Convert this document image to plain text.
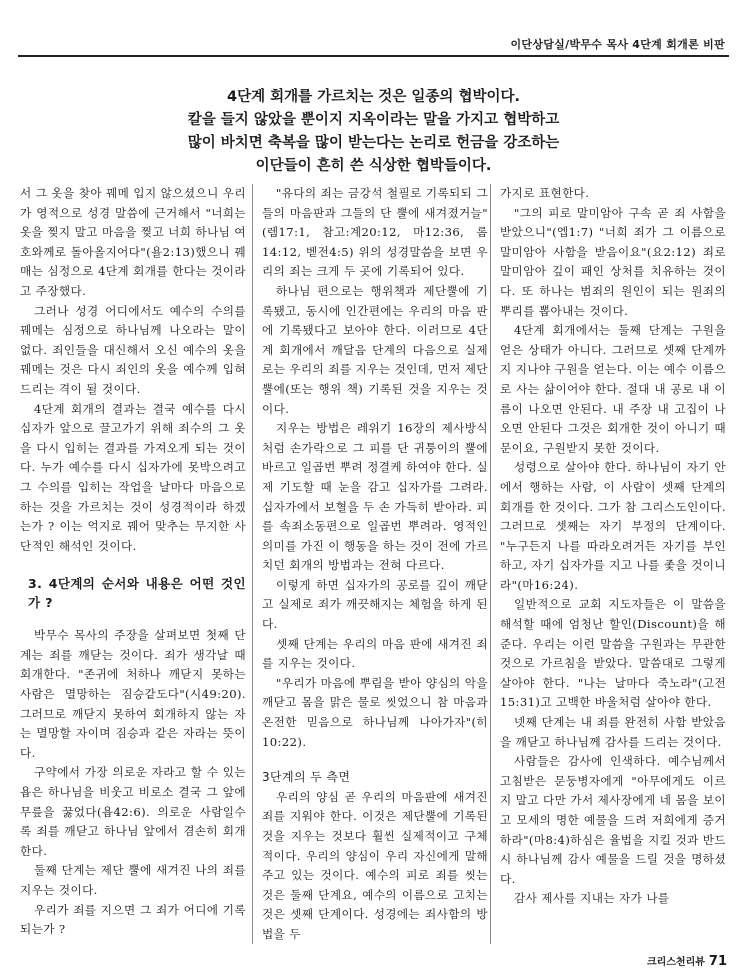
이단상담실/박무수 목사 4단계 회개론 비판
4단계 회개를 가르치는 것은 일종의 협박이다.
칼을 들지 않았을 뿐이지 지옥이라는 말을 가지고 협박하고
많이 바치면 축복을 많이 받는다는 논리로 헌금을 강조하는
이단들이 흔히 쓴 식상한 협박들이다.

서 그 옷을 찾아 꿰메 입지 않으셨으니 우리가 영적으로 성경 말씀에 근거해서 "너희는 옷을 찢지 말고 마음을 찢고 너희 하나님 여호와께로 돌아올지어다"(욜2:13)했으니 꿰매는 심정으로 4단계 회개를 한다는 것이라고 주장했다.

그러나 성경 어디에서도 예수의 수의를 꿰메는 심정으로 하나님께 나오라는 말이 없다. 죄인들을 대신해서 오신 예수의 옷을 꿰메는 것은 다시 죄인의 옷을 예수께 입혀드리는 격이 될 것이다.

4단계 회개의 결과는 결국 예수를 다시 십자가 앞으로 끌고가기 위해 죄수의 그 옷을 다시 입히는 결과를 가져오게 되는 것이다. 누가 예수를 다시 십자가에 못박으려고 그 수의를 입히는 작업을 날마다 마음으로 하는 것을 가르치는 것이 성경적이라 하겠는가 ? 이는 억지로 꿰어 맞추는 무지한 사단적인 해석인 것이다.

3. 4단계의 순서와 내용은 어떤 것인가 ?

박무수 목사의 주장을 살펴보면 첫째 단계는 죄를 깨닫는 것이다. 죄가 생각날 때 회개한다. "존귀에 처하나 깨닫지 못하는 사람은 멸망하는 짐승같도다"(시49:20). 그러므로 깨닫지 못하여 회개하지 않는 자는 멸망할 자이며 짐승과 같은 자라는 뜻이다.

구약에서 가장 의로운 자라고 할 수 있는 욥은 하나님을 비웃고 비로소 결국 그 앞에 무릎을 꿇었다(욥42:6). 의로운 사람일수록 죄를 깨닫고 하나님 앞에서 겸손히 회개한다.

둘째 단계는 제단 뿔에 새겨진 나의 죄를 지우는 것이다.

우리가 죄를 지으면 그 죄가 어디에 기록되는가 ?

"유다의 죄는 금강석 철필로 기록되되 그들의 마음판과 그들의 단 뿔에 새겨졌거늘"(렘17:1, 참고:계20:12, 마12:36, 롬14:12, 벧전4:5) 위의 성경말씀을 보면 우리의 죄는 크게 두 곳에 기록되어 있다.

하나님 편으로는 행위책과 제단뿔에 기록됐고, 동시에 인간편에는 우리의 마음 판에 기록됐다고 보아야 한다. 이러므로 4단계 회개에서 깨달음 단계의 다음으로 실제로는 우리의 죄를 지우는 것인데, 먼저 제단뿔에(또는 행위 책) 기록된 것을 지우는 것이다.

지우는 방법은 레위기 16장의 제사방식처럼 손가락으로 그 피를 단 귀퉁이의 뿔에 바르고 일곱번 뿌려 정결케 하여야 한다. 실제 기도할 때 눈을 감고 십자가를 그려라. 십자가에서 보혈을 두 손 가득히 받아라. 피를 속죄소동편으로 일곱번 뿌려라. 영적인 의미를 가진 이 행동을 하는 것이 전에 가르치던 회개의 방법과는 전혀 다르다.

이렇게 하면 십자가의 공로를 깊이 깨닫고 실제로 죄가 깨끗해지는 체험을 하게 된다.

셋째 단계는 우리의 마음 판에 새겨진 죄를 지우는 것이다.

"우리가 마음에 뿌림을 받아 양심의 악을 깨닫고 몸을 맑은 물로 씻었으니 참 마음과 온전한 믿음으로 하나님께 나아가자"(히10:22).

3단계의 두 측면

우리의 양심 곧 우리의 마음판에 새겨진 죄를 지워야 한다. 이것은 제단뿔에 기록된 것을 지우는 것보다 훨씬 실제적이고 구체적이다. 우리의 양심이 우리 자신에게 말해주고 있는 것이다. 예수의 피로 죄를 씻는 것은 둘째 단계요, 예수의 이름으로 고치는 것은 셋째 단계이다. 성경에는 죄사함의 방법을 두

가지로 표현한다.

"그의 피로 말미암아 구속 곧 죄 사함을 받았으니"(엡1:7) "너희 죄가 그 이름으로 말미암아 사함을 받음이요"(요2:12) 죄로 말미암아 깊이 패인 상처를 치유하는 것이다. 또 하나는 범죄의 원인이 되는 원죄의 뿌리를 뽑아내는 것이다.

4단계 회개에서는 둘째 단계는 구원을 얻은 상태가 아니다. 그러므로 셋째 단계까지 지나야 구원을 얻는다. 이는 예수 이름으로 사는 삶이어야 한다. 절대 내 공로 내 이름이 나오면 안된다. 내 주장 내 고집이 나오면 안된다 그것은 회개한 것이 아니기 때문이요, 구원받지 못한 것이다.

성령으로 살아야 한다. 하나님이 자기 안에서 행하는 사람, 이 사람이 셋째 단계의 회개를 한 것이다. 그가 참 그리스도인이다. 그러므로 셋째는 자기 부정의 단계이다. "누구든지 나를 따라오려거든 자기를 부인하고, 자기 십자가를 지고 나를 좇을 것이니라"(마16:24).

일반적으로 교회 지도자들은 이 말씀을 해석할 때에 엄청난 할인(Discount)을 해 준다. 우리는 이런 말씀을 구원과는 무관한 것으로 가르침을 받았다. 말씀대로 그렇게 살아야 한다. "나는 날마다 죽노라"(고전15:31)고 고백한 바울처럼 살아야 한다.

넷째 단계는 내 죄를 완전히 사함 받았음을 깨닫고 하나님께 감사를 드리는 것이다.

사람들은 감사에 인색하다. 예수님께서 고침받은 문둥병자에게 "아무에게도 이르지 말고 다만 가서 제사장에게 네 몸을 보이고 모세의 명한 예물을 드려 저희에게 증거하라"(마8:4)하심은 율법을 지킬 것과 반드시 하나님께 감사 예물을 드릴 것을 명하셨다.

감사 제사를 지내는 자가 나를

크리스천리뷰 71
